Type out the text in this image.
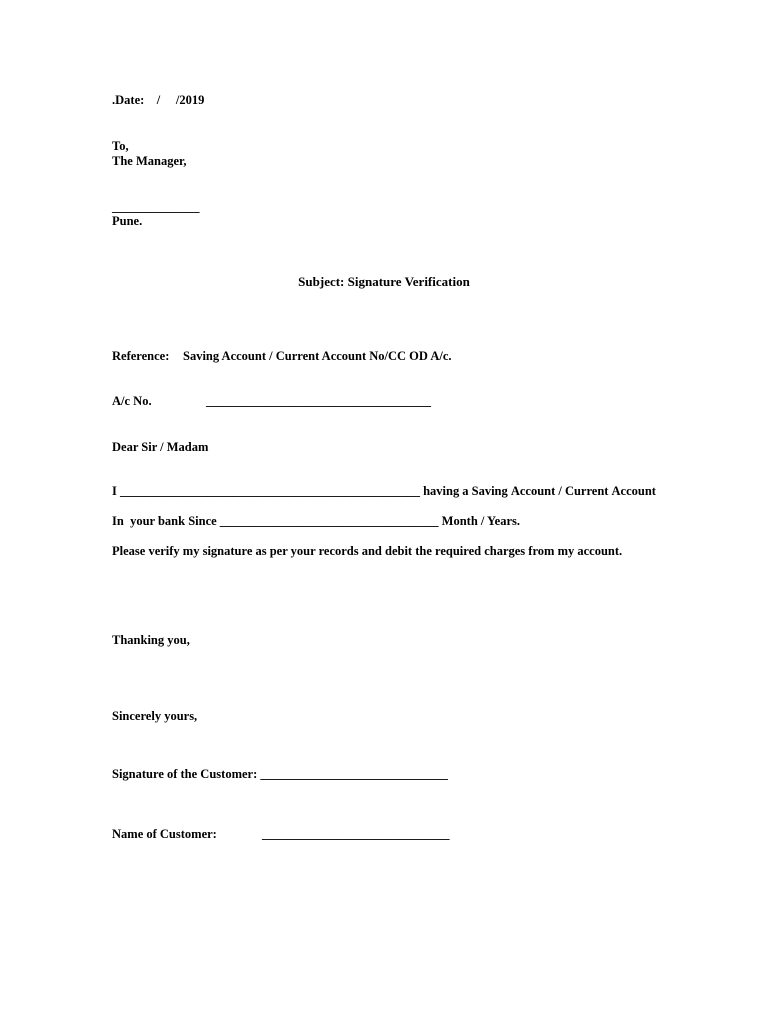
.Date:    /     /2019
To,
The Manager,
______________
Pune.
Subject: Signature Verification
Reference: Saving Account / Current Account No/CC OD A/c.
A/c No.	____________________________________
Dear Sir / Madam
I ________________________________________________ having a Saving Account / Current Account
In  your bank Since ___________________________________ Month / Years.
Please verify my signature as per your records and debit the required charges from my account.
Thanking you,
Sincerely yours,
Signature of the Customer: ______________________________
Name of Customer:	______________________________
